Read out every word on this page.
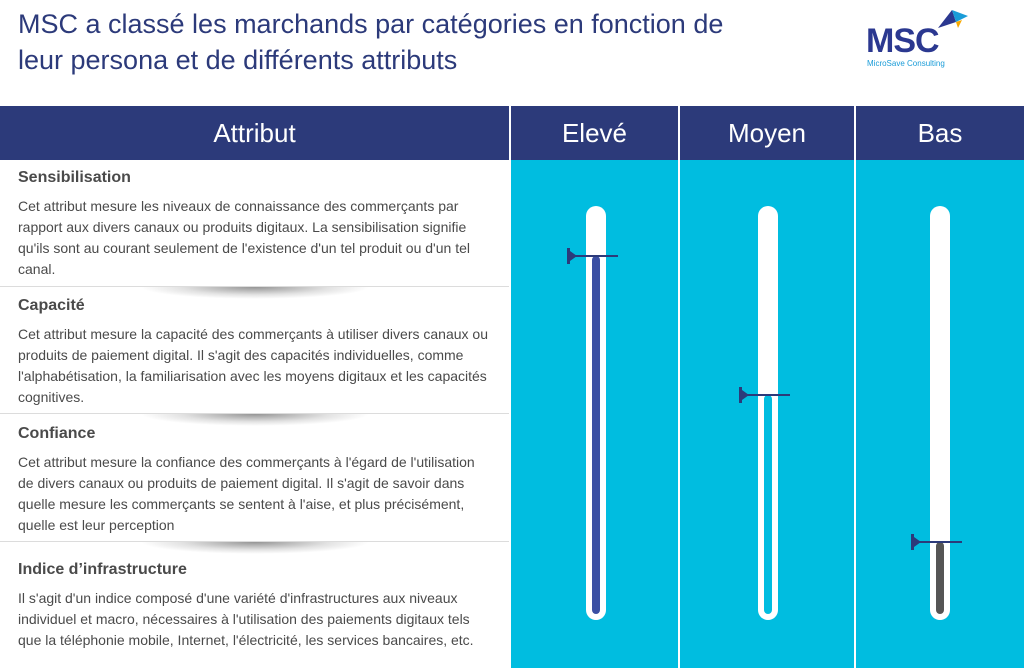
MSC a classé les marchands par catégories en fonction de
leur persona et de différents attributs	MSC
MicroSave Consulting
Attribut	Elevé	Moyen	Bas
Sensibilisation

Cet attribut mesure les niveaux de connaissance des commerçants par rapport aux divers canaux ou produits digitaux. La sensibilisation signifie qu'ils sont au courant seulement de l'existence d'un tel produit ou d'un tel canal.

Capacité

Cet attribut mesure la capacité des commerçants à utiliser divers canaux ou produits de paiement digital. Il s'agit des capacités individuelles, comme l'alphabétisation, la familiarisation avec les moyens digitaux et les capacités cognitives.

Confiance

Cet attribut mesure la confiance des commerçants à l'égard de l'utilisation de divers canaux ou produits de paiement digital. Il s'agit de savoir dans quelle mesure les commerçants se sentent à l'aise, et plus précisément, quelle est leur perception

Indice d’infrastructure

Il s'agit d'un indice composé d'une variété d'infrastructures aux niveaux individuel et macro, nécessaires à l'utilisation des paiements digitaux tels que la téléphonie mobile, Internet, l'électricité, les services bancaires, etc.
